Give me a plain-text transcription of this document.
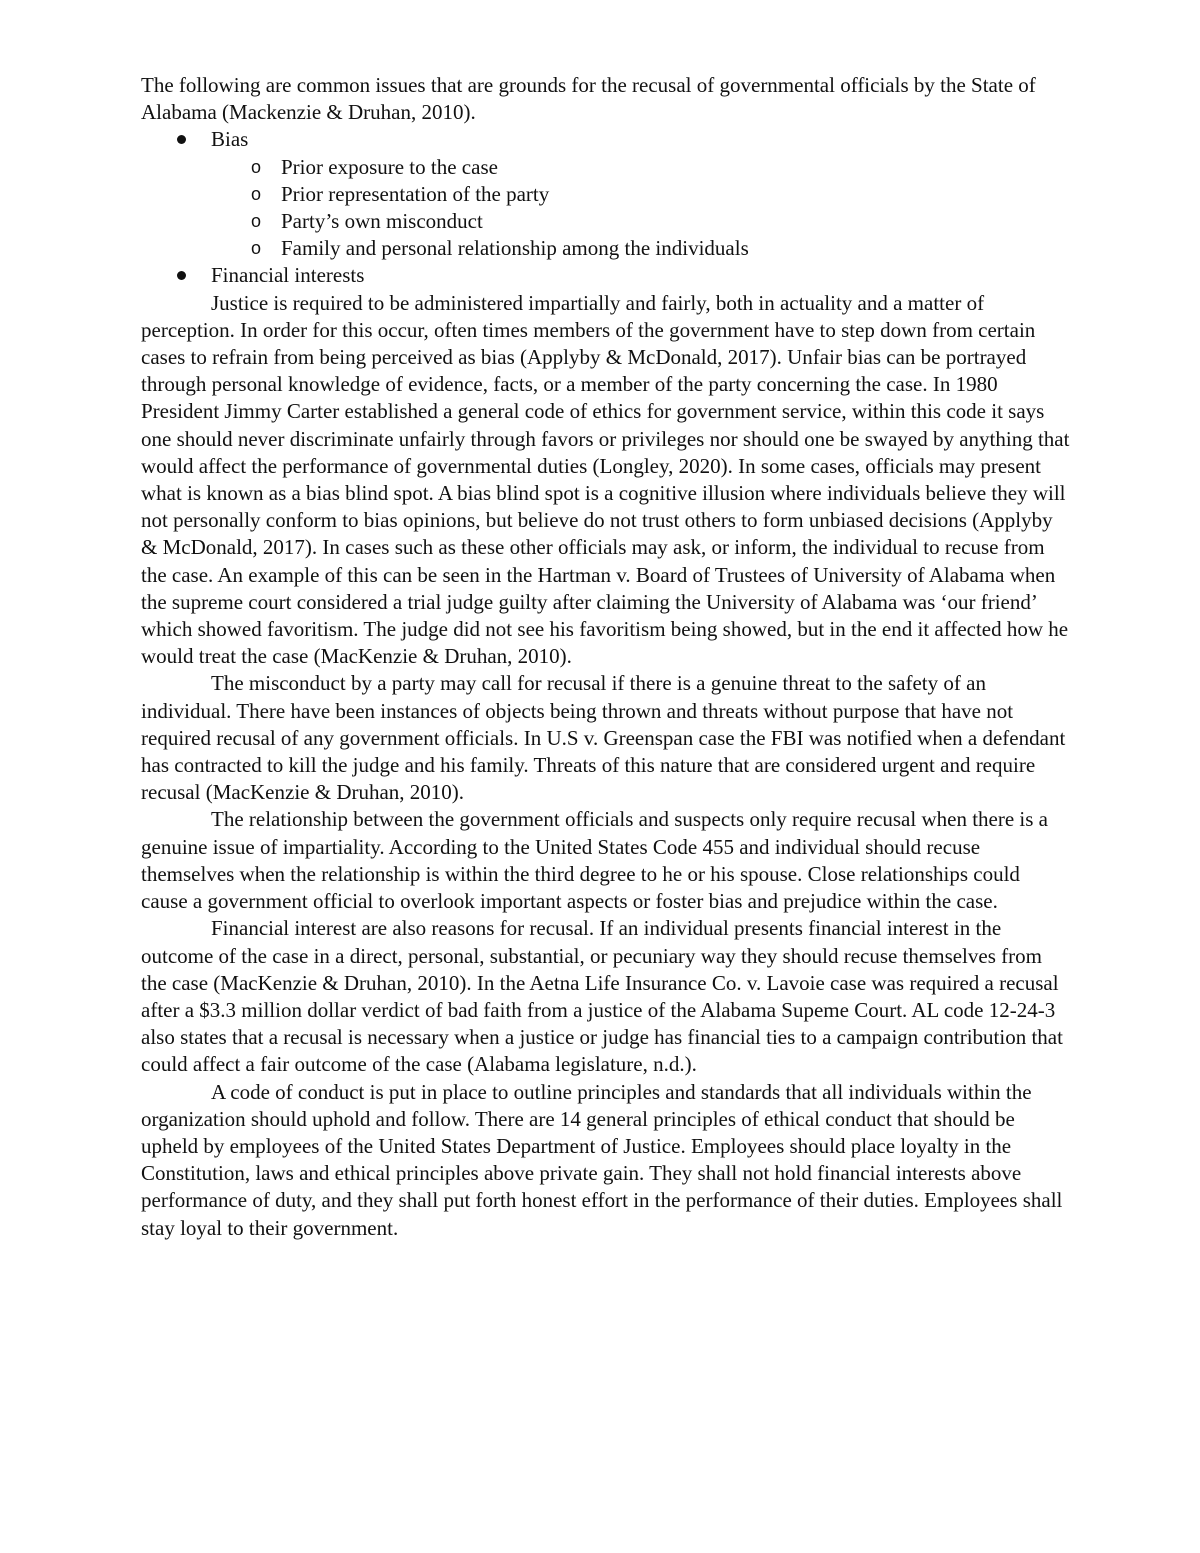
The following are common issues that are grounds for the recusal of governmental officials by the State of Alabama (Mackenzie & Druhan, 2010).

Bias
o Prior exposure to the case
o Prior representation of the party
o Party’s own misconduct
o Family and personal relationship among the individuals
Financial interests

Justice is required to be administered impartially and fairly, both in actuality and a matter of perception. In order for this occur, often times members of the government have to step down from certain cases to refrain from being perceived as bias (Applyby & McDonald, 2017). Unfair bias can be portrayed through personal knowledge of evidence, facts, or a member of the party concerning the case. In 1980 President Jimmy Carter established a general code of ethics for government service, within this code it says one should never discriminate unfairly through favors or privileges nor should one be swayed by anything that would affect the performance of governmental duties (Longley, 2020). In some cases, officials may present what is known as a bias blind spot. A bias blind spot is a cognitive illusion where individuals believe they will not personally conform to bias opinions, but believe do not trust others to form unbiased decisions (Applyby & McDonald, 2017). In cases such as these other officials may ask, or inform, the individual to recuse from the case. An example of this can be seen in the Hartman v. Board of Trustees of University of Alabama when the supreme court considered a trial judge guilty after claiming the University of Alabama was ‘our friend’ which showed favoritism. The judge did not see his favoritism being showed, but in the end it affected how he would treat the case (MacKenzie & Druhan, 2010).

The misconduct by a party may call for recusal if there is a genuine threat to the safety of an individual. There have been instances of objects being thrown and threats without purpose that have not required recusal of any government officials. In U.S v. Greenspan case the FBI was notified when a defendant has contracted to kill the judge and his family. Threats of this nature that are considered urgent and require recusal (MacKenzie & Druhan, 2010).

The relationship between the government officials and suspects only require recusal when there is a genuine issue of impartiality. According to the United States Code 455 and individual should recuse themselves when the relationship is within the third degree to he or his spouse. Close relationships could cause a government official to overlook important aspects or foster bias and prejudice within the case.

Financial interest are also reasons for recusal. If an individual presents financial interest in the outcome of the case in a direct, personal, substantial, or pecuniary way they should recuse themselves from the case (MacKenzie & Druhan, 2010). In the Aetna Life Insurance Co. v. Lavoie case was required a recusal after a $3.3 million dollar verdict of bad faith from a justice of the Alabama Supeme Court. AL code 12-24-3 also states that a recusal is necessary when a justice or judge has financial ties to a campaign contribution that could affect a fair outcome of the case (Alabama legislature, n.d.).

A code of conduct is put in place to outline principles and standards that all individuals within the organization should uphold and follow. There are 14 general principles of ethical conduct that should be upheld by employees of the United States Department of Justice. Employees should place loyalty in the Constitution, laws and ethical principles above private gain. They shall not hold financial interests above performance of duty, and they shall put forth honest effort in the performance of their duties. Employees shall stay loyal to their government.
